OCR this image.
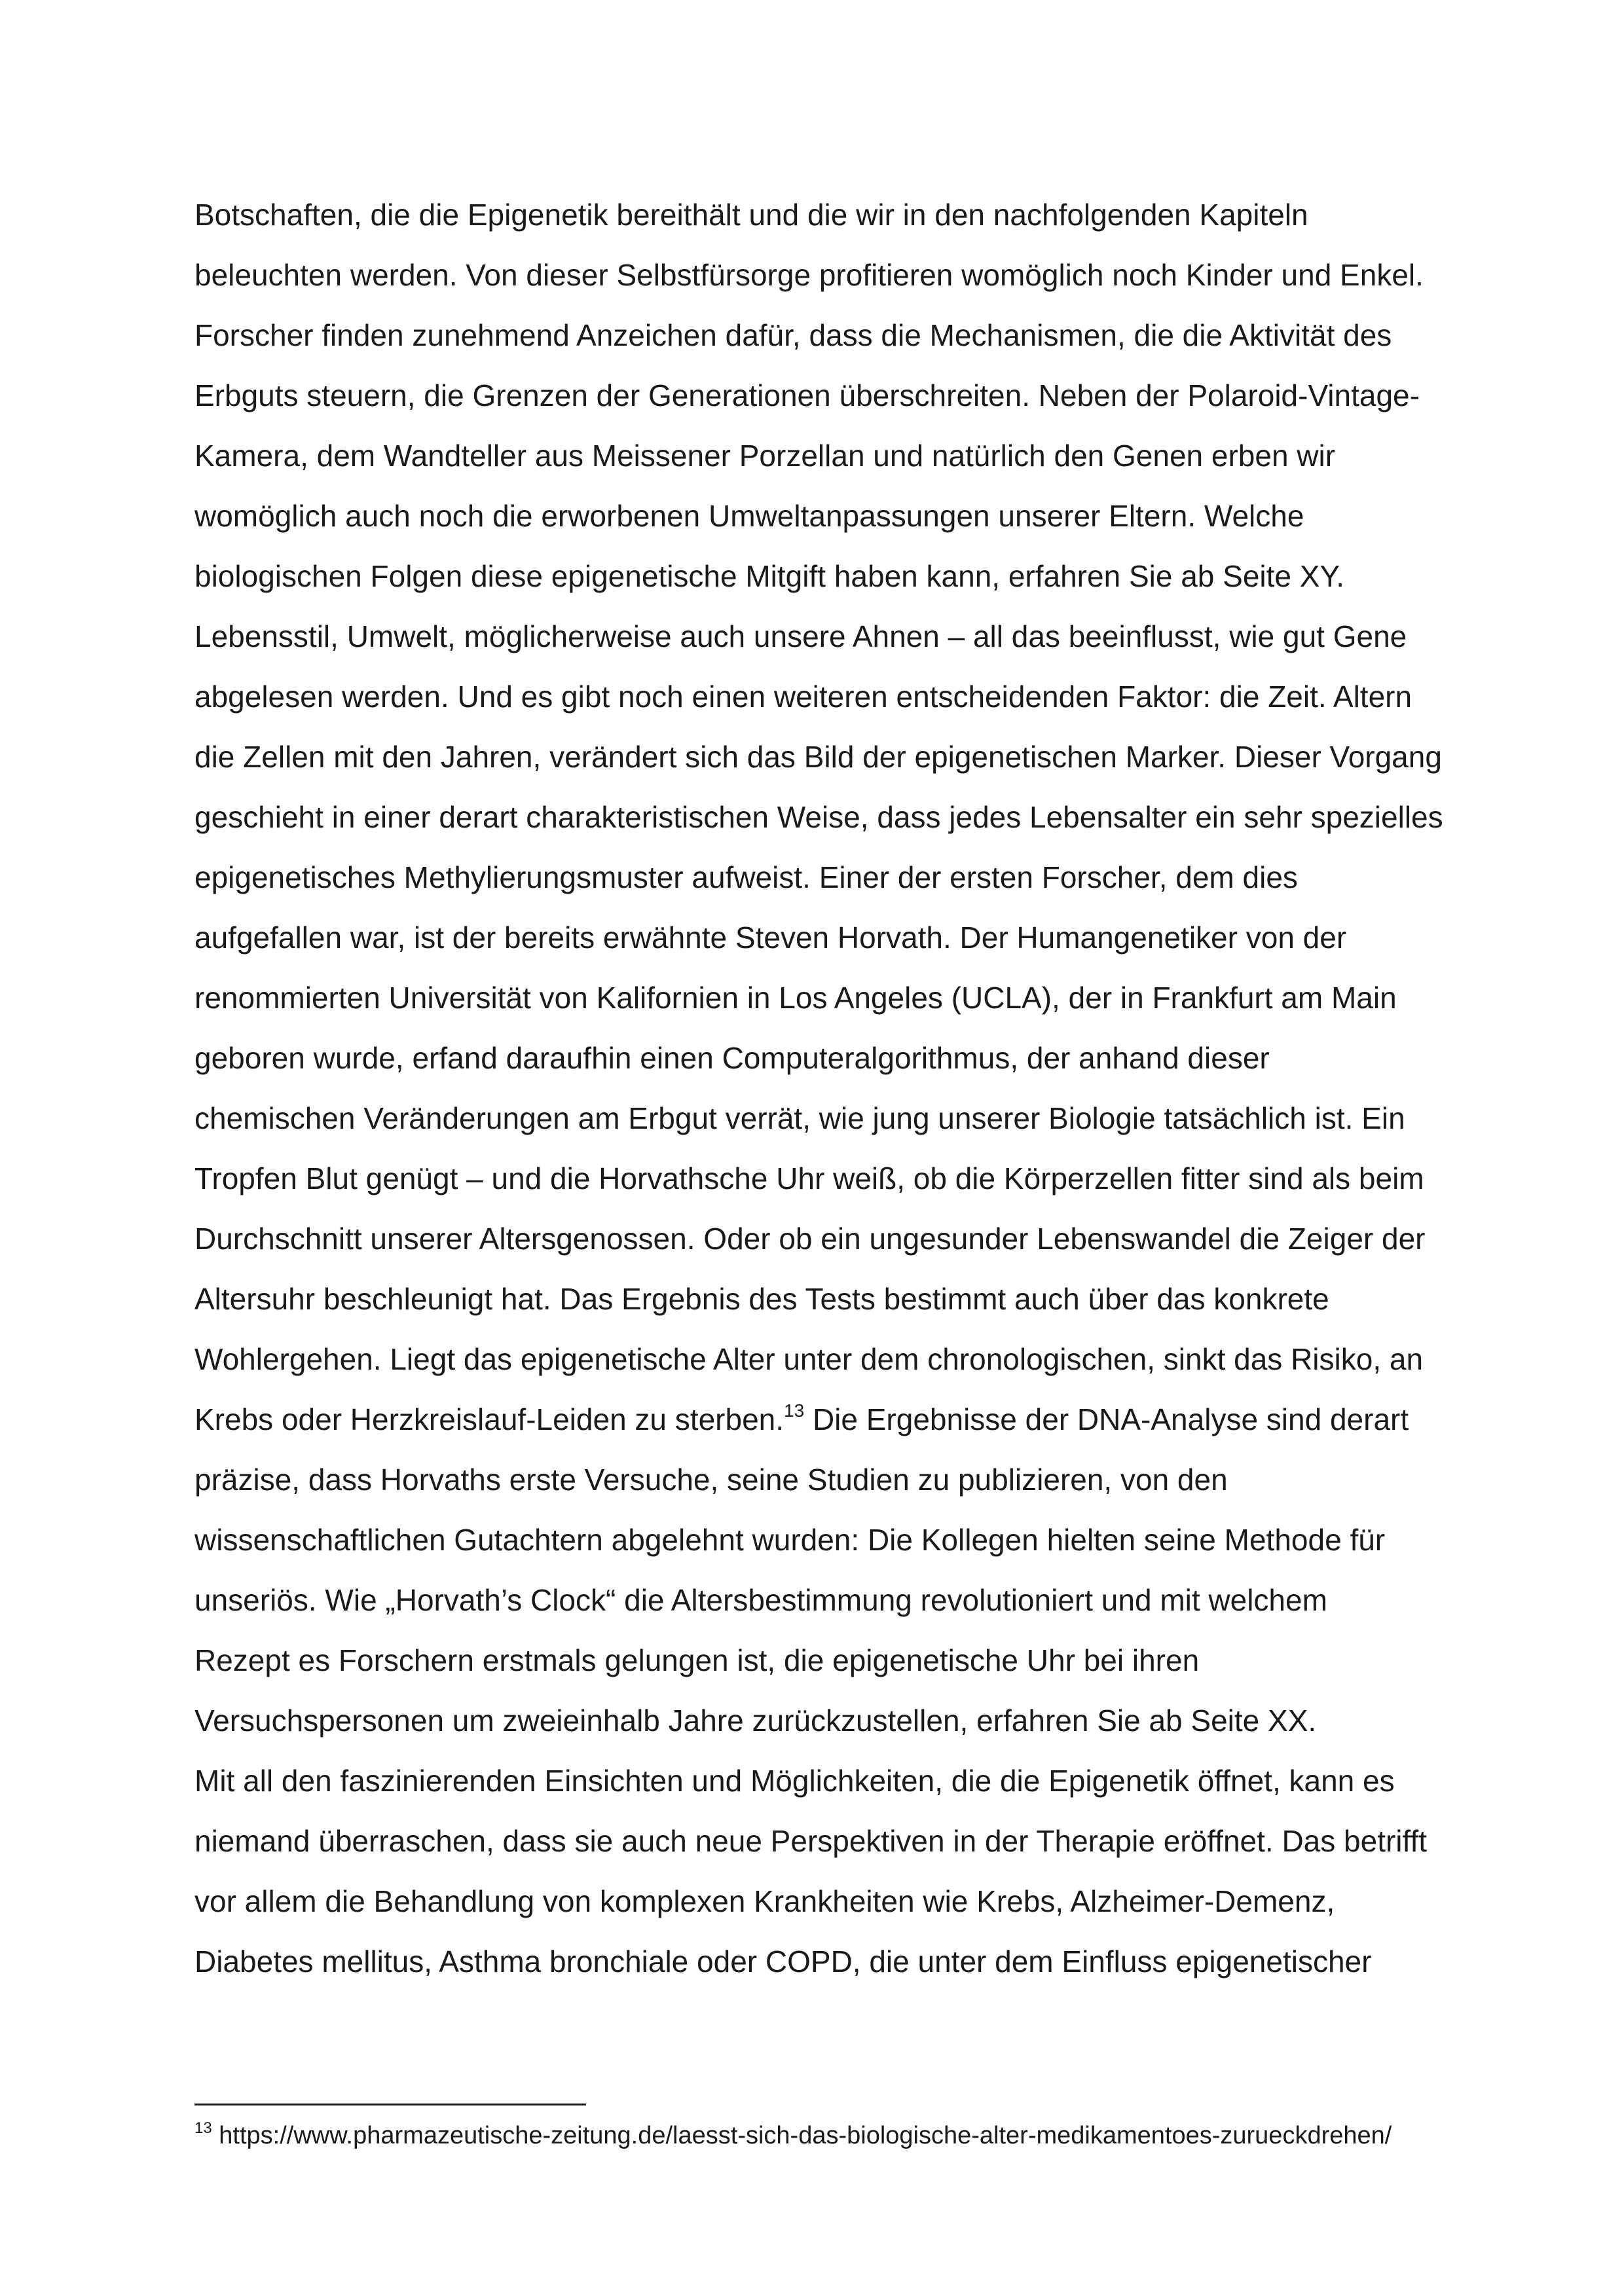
Botschaften, die die Epigenetik bereithält und die wir in den nachfolgenden Kapiteln
beleuchten werden. Von dieser Selbstfürsorge profitieren womöglich noch Kinder und Enkel.
Forscher finden zunehmend Anzeichen dafür, dass die Mechanismen, die die Aktivität des
Erbguts steuern, die Grenzen der Generationen überschreiten. Neben der Polaroid-Vintage-
Kamera, dem Wandteller aus Meissener Porzellan und natürlich den Genen erben wir
womöglich auch noch die erworbenen Umweltanpassungen unserer Eltern. Welche
biologischen Folgen diese epigenetische Mitgift haben kann, erfahren Sie ab Seite XY.
Lebensstil, Umwelt, möglicherweise auch unsere Ahnen – all das beeinflusst, wie gut Gene
abgelesen werden. Und es gibt noch einen weiteren entscheidenden Faktor: die Zeit. Altern
die Zellen mit den Jahren, verändert sich das Bild der epigenetischen Marker. Dieser Vorgang
geschieht in einer derart charakteristischen Weise, dass jedes Lebensalter ein sehr spezielles
epigenetisches Methylierungsmuster aufweist. Einer der ersten Forscher, dem dies
aufgefallen war, ist der bereits erwähnte Steven Horvath. Der Humangenetiker von der
renommierten Universität von Kalifornien in Los Angeles (UCLA), der in Frankfurt am Main
geboren wurde, erfand daraufhin einen Computeralgorithmus, der anhand dieser
chemischen Veränderungen am Erbgut verrät, wie jung unserer Biologie tatsächlich ist. Ein
Tropfen Blut genügt – und die Horvathsche Uhr weiß, ob die Körperzellen fitter sind als beim
Durchschnitt unserer Altersgenossen. Oder ob ein ungesunder Lebenswandel die Zeiger der
Altersuhr beschleunigt hat. Das Ergebnis des Tests bestimmt auch über das konkrete
Wohlergehen. Liegt das epigenetische Alter unter dem chronologischen, sinkt das Risiko, an
Krebs oder Herzkreislauf-Leiden zu sterben.$^{13}$ Die Ergebnisse der DNA-Analyse sind derart
präzise, dass Horvaths erste Versuche, seine Studien zu publizieren, von den
wissenschaftlichen Gutachtern abgelehnt wurden: Die Kollegen hielten seine Methode für
unseriös. Wie „Horvath’s Clock“ die Altersbestimmung revolutioniert und mit welchem
Rezept es Forschern erstmals gelungen ist, die epigenetische Uhr bei ihren
Versuchspersonen um zweieinhalb Jahre zurückzustellen, erfahren Sie ab Seite XX.
Mit all den faszinierenden Einsichten und Möglichkeiten, die die Epigenetik öffnet, kann es
niemand überraschen, dass sie auch neue Perspektiven in der Therapie eröffnet. Das betrifft
vor allem die Behandlung von komplexen Krankheiten wie Krebs, Alzheimer-Demenz,
Diabetes mellitus, Asthma bronchiale oder COPD, die unter dem Einfluss epigenetischer
$^{13}$ https://www.pharmazeutische-zeitung.de/laesst-sich-das-biologische-alter-medikamentoes-zurueckdrehen/
